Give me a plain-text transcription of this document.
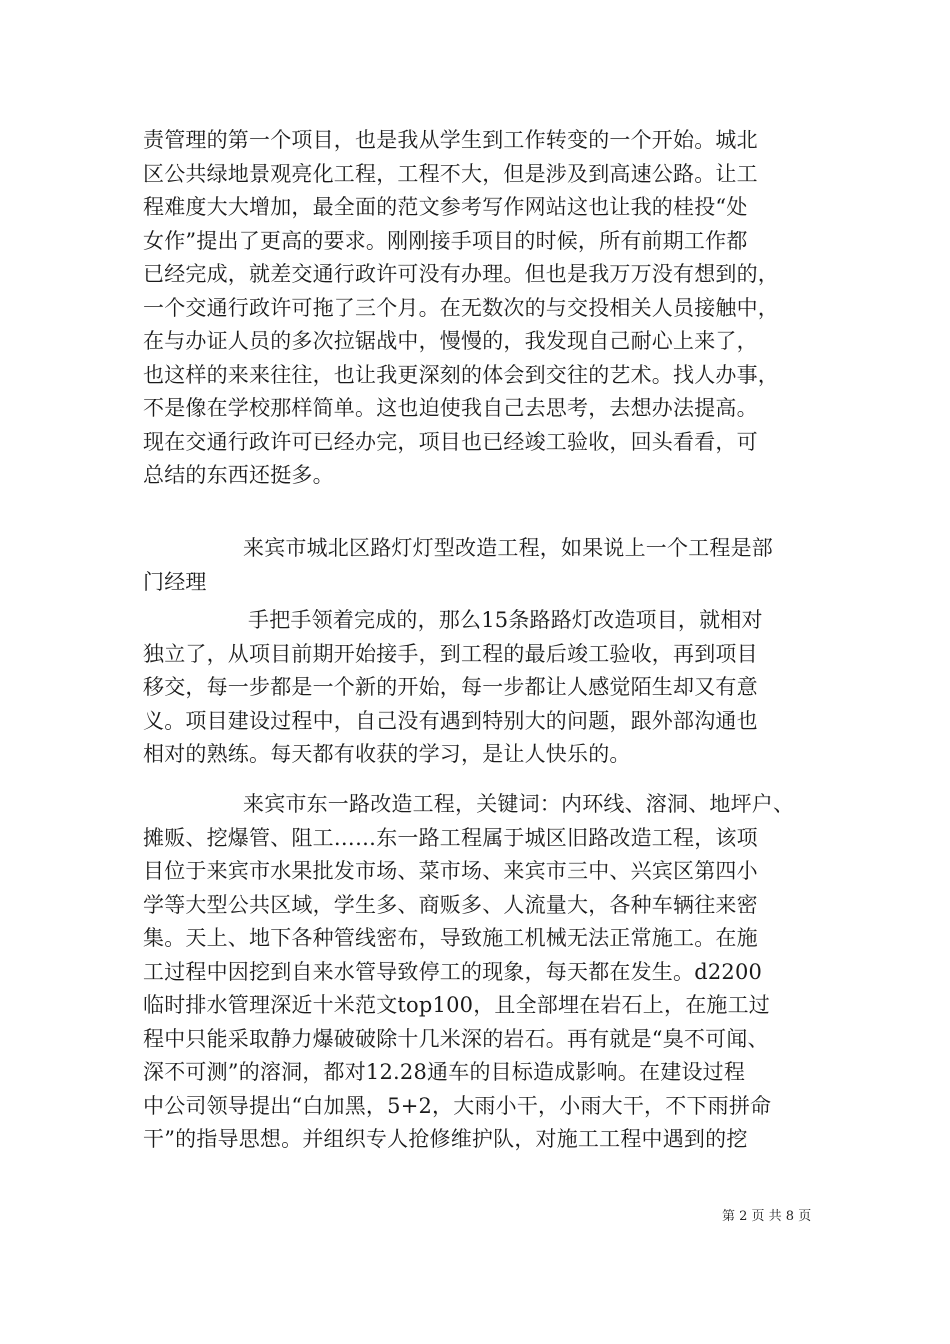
责管理的第一个项目，也是我从学生到工作转变的一个开始。城北
区公共绿地景观亮化工程，工程不大，但是涉及到高速公路。让工
程难度大大增加，最全面的范文参考写作网站这也让我的桂投“处
女作”提出了更高的要求。刚刚接手项目的时候，所有前期工作都
已经完成，就差交通行政许可没有办理。但也是我万万没有想到的，
一个交通行政许可拖了三个月。在无数次的与交投相关人员接触中，
在与办证人员的多次拉锯战中，慢慢的，我发现自己耐心上来了，
也这样的来来往往，也让我更深刻的体会到交往的艺术。找人办事，
不是像在学校那样简单。这也迫使我自己去思考，去想办法提高。
现在交通行政许可已经办完，项目也已经竣工验收，回头看看，可
总结的东西还挺多。
来宾市城北区路灯灯型改造工程，如果说上一个工程是部
门经理
手把手领着完成的，那么15条路路灯改造项目，就相对
独立了，从项目前期开始接手，到工程的最后竣工验收，再到项目
移交，每一步都是一个新的开始，每一步都让人感觉陌生却又有意
义。项目建设过程中，自己没有遇到特别大的问题，跟外部沟通也
相对的熟练。每天都有收获的学习，是让人快乐的。
来宾市东一路改造工程，关键词：内环线、溶洞、地坪户、
摊贩、挖爆管、阻工……东一路工程属于城区旧路改造工程，该项
目位于来宾市水果批发市场、菜市场、来宾市三中、兴宾区第四小
学等大型公共区域，学生多、商贩多、人流量大，各种车辆往来密
集。天上、地下各种管线密布，导致施工机械无法正常施工。在施
工过程中因挖到自来水管导致停工的现象，每天都在发生。d2200
临时排水管理深近十米范文top100，且全部埋在岩石上，在施工过
程中只能采取静力爆破破除十几米深的岩石。再有就是“臭不可闻、
深不可测”的溶洞，都对12.28通车的目标造成影响。在建设过程
中公司领导提出“白加黑，5+2，大雨小干，小雨大干，不下雨拼命
干”的指导思想。并组织专人抢修维护队，对施工工程中遇到的挖
第 2 页 共 8 页
